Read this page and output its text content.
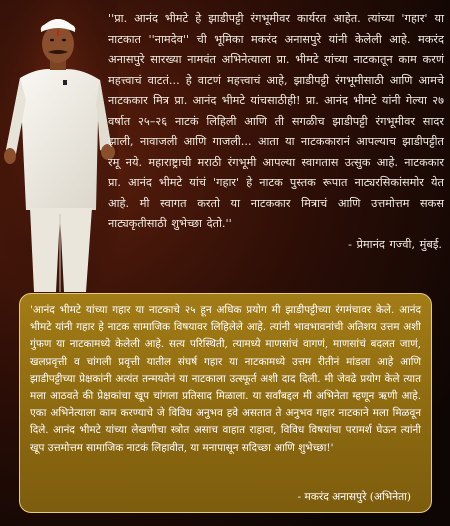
''प्रा. आनंद भीमटे हे झाडीपट्टी रंगभूमीवर कार्यरत आहेत. त्यांच्या 'गहार' या नाटकात ''नामदेव'' ची भूमिका मकरंद अनासपुरे यांनी केलेली आहे. मकरंद अनासपुरे सारख्या नामवंत अभिनेत्याला प्रा. भीमटे यांच्या नाटकातून काम करणं महत्त्वाचं वाटतं... हे वाटणं महत्त्वाचं आहे, झाडीपट्टी रंगभूमीसाठी आणि आमचे नाटककार मित्र प्रा. आनंद भीमटे यांचसाठीही! प्रा. आनंद भीमटे यांनी गेल्या २७ वर्षात २५–२६ नाटकं लिहिली आणि ती सगळीच झाडीपट्टी रंगभूमीवर सादर झाली, नावाजली आणि गाजली... आता या नाटककारानं आपल्याच झाडीपट्टीत रमू नये. महाराष्ट्राची मराठी रंगभूमी आपल्या स्वागतास उत्सुक आहे. नाटककार प्रा. आनंद भीमटे यांचं 'गहार' हे नाटक पुस्तक रूपात नाट्यरसिकांसमोर येत आहे. मी स्वागत करतो या नाटककार मित्राचं आणि उत्तमोत्तम सकस नाट्यकृतीसाठी शुभेच्छा देतो.''
- प्रेमानंद गज्वी, मुंबई.
'आनंद भीमटे यांच्या गहार या नाटकाचे २५ हून अधिक प्रयोग मी झाडीपट्टीच्या रंगमंचावर केले. आनंद भीमटे यांनी गहार हे नाटक सामाजिक विषयावर लिहिलेले आहे. त्यांनी भावभावनांची अतिशय उत्तम अशी गुंफण या नाटकामध्ये केलेली आहे. सत्य परिस्थिती, त्यामध्ये माणसांचं वागणं, माणसांचं बदलत जाणं, खलप्रवृत्ती व चांगली प्रवृत्ती यातील संघर्ष गहार या नाटकामध्ये उत्तम रीतीनं मांडला आहे आणि झाडीपट्टीच्या प्रेक्षकांनी अत्यंत तन्मयतेनं या नाटकाला उत्स्फूर्त अशी दाद दिली. मी जेवढे प्रयोग केले त्यात मला आठवते की प्रेक्षकांचा खूप चांगला प्रतिसाद मिळाला. या सर्वांबद्दल मी अभिनेता म्हणून ऋणी आहे. एका अभिनेत्याला काम करण्याचे जे विविध अनुभव हवे असतात ते अनुभव गहार नाटकाने मला मिळवून दिले. आनंद भीमटे यांच्या लेखणीचा स्त्रोत असाच वाहात राहावा, विविध विषयांचा परामर्श घेऊन त्यांनी खूप उत्तमोत्तम सामाजिक नाटकं लिहावीत, या मनापासून सदिच्छा आणि शुभेच्छा!'
- मकरंद अनासपुरे (अभिनेता)
